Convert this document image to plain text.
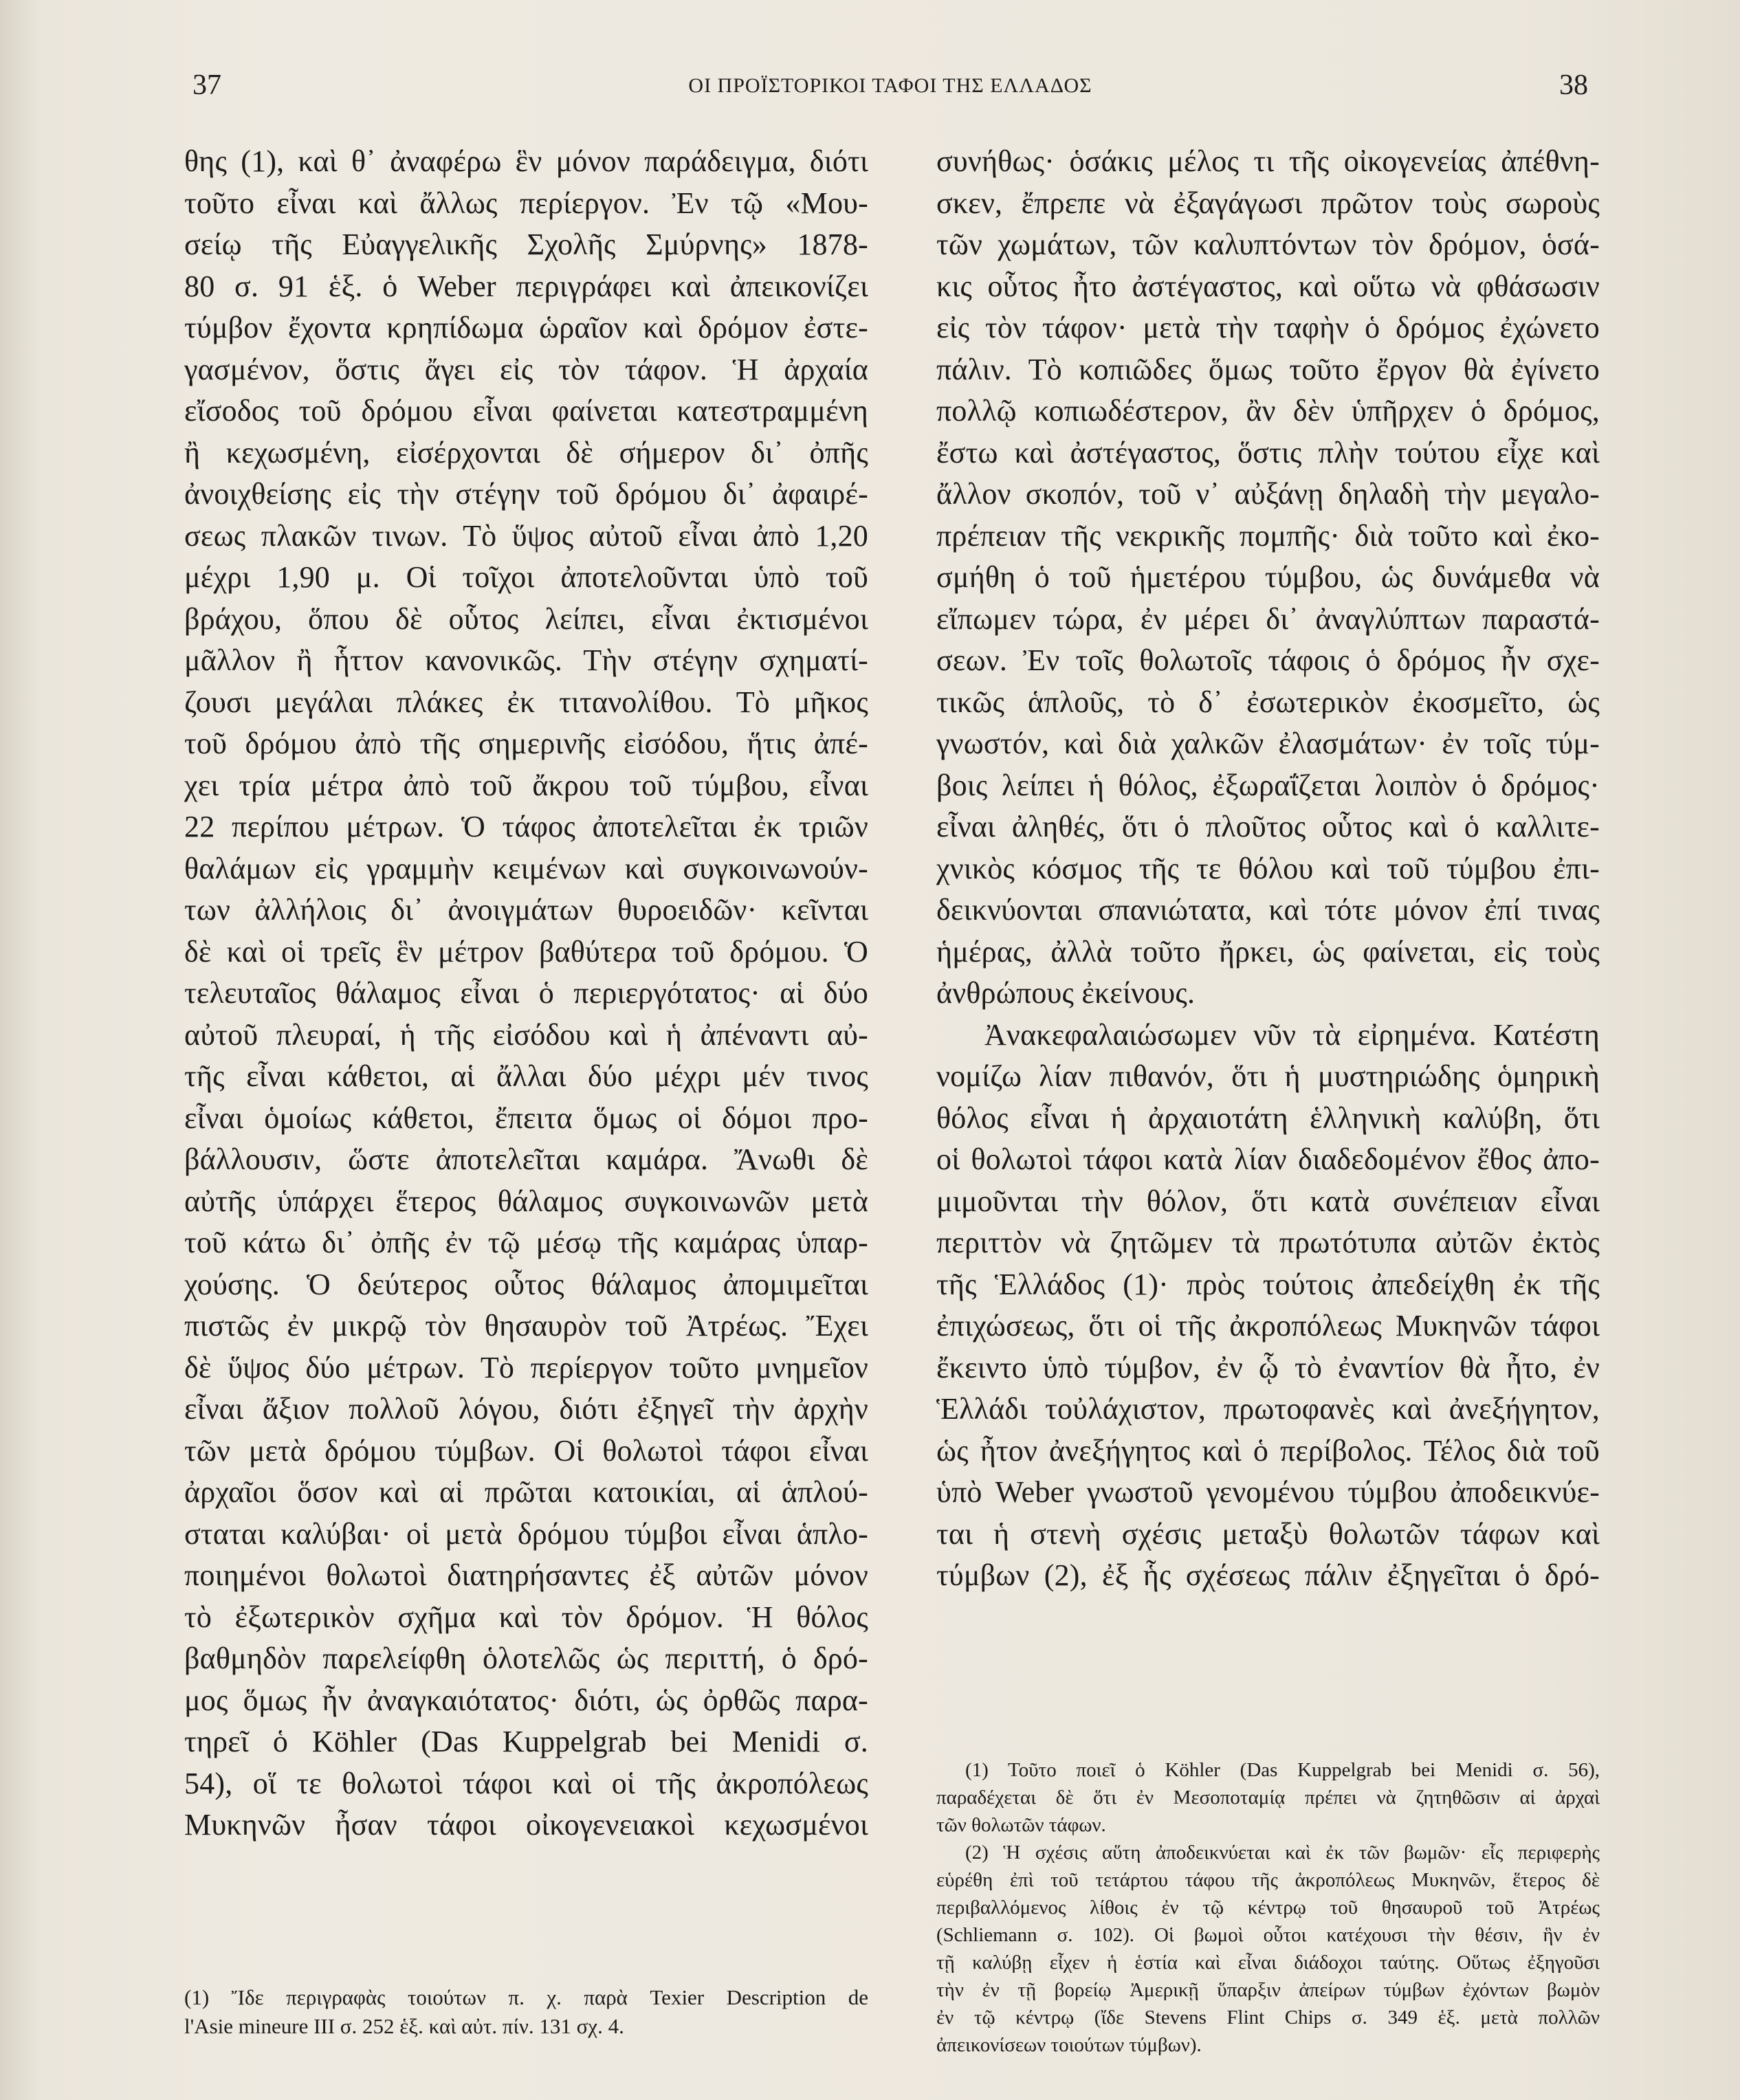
37	ΟΙ ΠΡΟΪΣΤΟΡΙΚΟΙ ΤΑΦΟΙ ΤΗΣ ΕΛΛΑΔΟΣ	38
θης (1), καὶ θ᾽ ἀναφέρω ἓν μόνον παράδειγμα, διότι
τοῦτο εἶναι καὶ ἄλλως περίεργον. Ἐν τῷ «Μου-
σείῳ τῆς Εὐαγγελικῆς Σχολῆς Σμύρνης» 1878-
80 σ. 91 ἑξ. ὁ Weber περιγράφει καὶ ἀπεικονίζει
τύμβον ἔχοντα κρηπίδωμα ὡραῖον καὶ δρόμον ἐστε-
γασμένον, ὅστις ἄγει εἰς τὸν τάφον. Ἡ ἀρχαία
εἴσοδος τοῦ δρόμου εἶναι φαίνεται κατεστραμμένη
ἢ κεχωσμένη, εἰσέρχονται δὲ σήμερον δι᾽ ὀπῆς
ἀνοιχθείσης εἰς τὴν στέγην τοῦ δρόμου δι᾽ ἀφαιρέ-
σεως πλακῶν τινων. Τὸ ὕψος αὐτοῦ εἶναι ἀπὸ 1,20
μέχρι 1,90 μ. Οἱ τοῖχοι ἀποτελοῦνται ὑπὸ τοῦ
βράχου, ὅπου δὲ οὗτος λείπει, εἶναι ἐκτισμένοι
μᾶλλον ἢ ἧττον κανονικῶς. Τὴν στέγην σχηματί-
ζουσι μεγάλαι πλάκες ἐκ τιτανολίθου. Τὸ μῆκος
τοῦ δρόμου ἀπὸ τῆς σημερινῆς εἰσόδου, ἥτις ἀπέ-
χει τρία μέτρα ἀπὸ τοῦ ἄκρου τοῦ τύμβου, εἶναι
22 περίπου μέτρων. Ὁ τάφος ἀποτελεῖται ἐκ τριῶν
θαλάμων εἰς γραμμὴν κειμένων καὶ συγκοινωνούν-
των ἀλλήλοις δι᾽ ἀνοιγμάτων θυροειδῶν· κεῖνται
δὲ καὶ οἱ τρεῖς ἓν μέτρον βαθύτερα τοῦ δρόμου. Ὁ
τελευταῖος θάλαμος εἶναι ὁ περιεργότατος· αἱ δύο
αὐτοῦ πλευραί, ἡ τῆς εἰσόδου καὶ ἡ ἀπέναντι αὐ-
τῆς εἶναι κάθετοι, αἱ ἄλλαι δύο μέχρι μέν τινος
εἶναι ὁμοίως κάθετοι, ἔπειτα ὅμως οἱ δόμοι προ-
βάλλουσιν, ὥστε ἀποτελεῖται καμάρα. Ἄνωθι δὲ
αὐτῆς ὑπάρχει ἕτερος θάλαμος συγκοινωνῶν μετὰ
τοῦ κάτω δι᾽ ὀπῆς ἐν τῷ μέσῳ τῆς καμάρας ὑπαρ-
χούσης. Ὁ δεύτερος οὗτος θάλαμος ἀπομιμεῖται
πιστῶς ἐν μικρῷ τὸν θησαυρὸν τοῦ Ἀτρέως. Ἔχει
δὲ ὕψος δύο μέτρων. Τὸ περίεργον τοῦτο μνημεῖον
εἶναι ἄξιον πολλοῦ λόγου, διότι ἐξηγεῖ τὴν ἀρχὴν
τῶν μετὰ δρόμου τύμβων. Οἱ θολωτοὶ τάφοι εἶναι
ἀρχαῖοι ὅσον καὶ αἱ πρῶται κατοικίαι, αἱ ἁπλού-
σταται καλύβαι· οἱ μετὰ δρόμου τύμβοι εἶναι ἁπλο-
ποιημένοι θολωτοὶ διατηρήσαντες ἐξ αὐτῶν μόνον
τὸ ἐξωτερικὸν σχῆμα καὶ τὸν δρόμον. Ἡ θόλος
βαθμηδὸν παρελείφθη ὁλοτελῶς ὡς περιττή, ὁ δρό-
μος ὅμως ἦν ἀναγκαιότατος· διότι, ὡς ὀρθῶς παρα-
τηρεῖ ὁ Köhler (Das Kuppelgrab bei Menidi σ.
54), οἵ τε θολωτοὶ τάφοι καὶ οἱ τῆς ἀκροπόλεως
Μυκηνῶν ἦσαν τάφοι οἰκογενειακοὶ κεχωσμένοι
συνήθως· ὁσάκις μέλος τι τῆς οἰκογενείας ἀπέθνη-
σκεν, ἔπρεπε νὰ ἐξαγάγωσι πρῶτον τοὺς σωροὺς
τῶν χωμάτων, τῶν καλυπτόντων τὸν δρόμον, ὁσά-
κις οὗτος ἦτο ἀστέγαστος, καὶ οὕτω νὰ φθάσωσιν
εἰς τὸν τάφον· μετὰ τὴν ταφὴν ὁ δρόμος ἐχώνετο
πάλιν. Τὸ κοπιῶδες ὅμως τοῦτο ἔργον θὰ ἐγίνετο
πολλῷ κοπιωδέστερον, ἂν δὲν ὑπῆρχεν ὁ δρόμος,
ἔστω καὶ ἀστέγαστος, ὅστις πλὴν τούτου εἶχε καὶ
ἄλλον σκοπόν, τοῦ ν᾽ αὐξάνῃ δηλαδὴ τὴν μεγαλο-
πρέπειαν τῆς νεκρικῆς πομπῆς· διὰ τοῦτο καὶ ἐκο-
σμήθη ὁ τοῦ ἡμετέρου τύμβου, ὡς δυνάμεθα νὰ
εἴπωμεν τώρα, ἐν μέρει δι᾽ ἀναγλύπτων παραστά-
σεων. Ἐν τοῖς θολωτοῖς τάφοις ὁ δρόμος ἦν σχε-
τικῶς ἁπλοῦς, τὸ δ᾽ ἐσωτερικὸν ἐκοσμεῖτο, ὡς
γνωστόν, καὶ διὰ χαλκῶν ἐλασμάτων· ἐν τοῖς τύμ-
βοις λείπει ἡ θόλος, ἐξωραΐζεται λοιπὸν ὁ δρόμος·
εἶναι ἀληθές, ὅτι ὁ πλοῦτος οὗτος καὶ ὁ καλλιτε-
χνικὸς κόσμος τῆς τε θόλου καὶ τοῦ τύμβου ἐπι-
δεικνύονται σπανιώτατα, καὶ τότε μόνον ἐπί τινας
ἡμέρας, ἀλλὰ τοῦτο ἤρκει, ὡς φαίνεται, εἰς τοὺς
ἀνθρώπους ἐκείνους.
Ἀνακεφαλαιώσωμεν νῦν τὰ εἰρημένα. Κατέστη
νομίζω λίαν πιθανόν, ὅτι ἡ μυστηριώδης ὁμηρικὴ
θόλος εἶναι ἡ ἀρχαιοτάτη ἑλληνικὴ καλύβη, ὅτι
οἱ θολωτοὶ τάφοι κατὰ λίαν διαδεδομένον ἔθος ἀπο-
μιμοῦνται τὴν θόλον, ὅτι κατὰ συνέπειαν εἶναι
περιττὸν νὰ ζητῶμεν τὰ πρωτότυπα αὐτῶν ἐκτὸς
τῆς Ἑλλάδος (1)· πρὸς τούτοις ἀπεδείχθη ἐκ τῆς
ἐπιχώσεως, ὅτι οἱ τῆς ἀκροπόλεως Μυκηνῶν τάφοι
ἔκειντο ὑπὸ τύμβον, ἐν ᾧ τὸ ἐναντίον θὰ ἦτο, ἐν
Ἑλλάδι τοὐλάχιστον, πρωτοφανὲς καὶ ἀνεξήγητον,
ὡς ἦτον ἀνεξήγητος καὶ ὁ περίβολος. Τέλος διὰ τοῦ
ὑπὸ Weber γνωστοῦ γενομένου τύμβου ἀποδεικνύε-
ται ἡ στενὴ σχέσις μεταξὺ θολωτῶν τάφων καὶ
τύμβων (2), ἐξ ἧς σχέσεως πάλιν ἐξηγεῖται ὁ δρό-
(1) Ἴδε περιγραφὰς τοιούτων π. χ. παρὰ Texier Description de
l'Asie mineure III σ. 252 ἑξ. καὶ αὐτ. πίν. 131 σχ. 4.
(1) Τοῦτο ποιεῖ ὁ Köhler (Das Kuppelgrab bei Menidi σ. 56),
παραδέχεται δὲ ὅτι ἐν Μεσοποταμίᾳ πρέπει νὰ ζητηθῶσιν αἱ ἀρχαὶ
τῶν θολωτῶν τάφων.
(2) Ἡ σχέσις αὕτη ἀποδεικνύεται καὶ ἐκ τῶν βωμῶν· εἷς περιφερὴς
εὑρέθη ἐπὶ τοῦ τετάρτου τάφου τῆς ἀκροπόλεως Μυκηνῶν, ἕτερος δὲ
περιβαλλόμενος λίθοις ἐν τῷ κέντρῳ τοῦ θησαυροῦ τοῦ Ἀτρέως
(Schliemann σ. 102). Οἱ βωμοὶ οὗτοι κατέχουσι τὴν θέσιν, ἣν ἐν
τῇ καλύβῃ εἶχεν ἡ ἑστία καὶ εἶναι διάδοχοι ταύτης. Οὕτως ἐξηγοῦσι
τὴν ἐν τῇ βορείῳ Ἀμερικῇ ὕπαρξιν ἀπείρων τύμβων ἐχόντων βωμὸν
ἐν τῷ κέντρῳ (ἴδε Stevens Flint Chips σ. 349 ἑξ. μετὰ πολλῶν
ἀπεικονίσεων τοιούτων τύμβων).
